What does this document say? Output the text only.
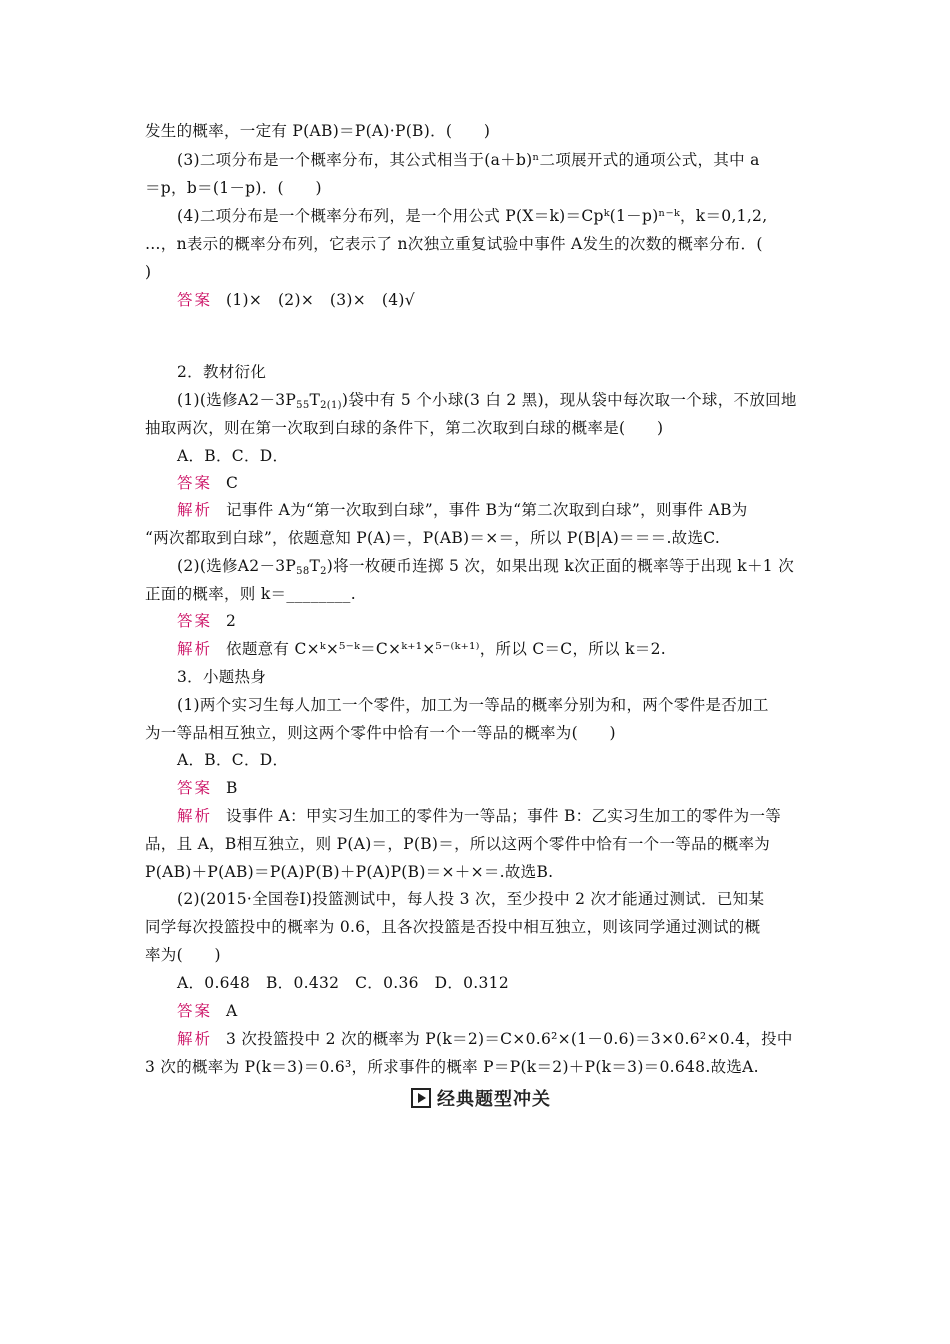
发生的概率，一定有 P(AB)＝P(A)·P(B)．(　　)
(3)二项分布是一个概率分布，其公式相当于(a＋b)ⁿ二项展开式的通项公式，其中 a
＝p，b＝(1－p)．(　　)
(4)二项分布是一个概率分布列，是一个用公式 P(X＝k)＝Cpᵏ(1－p)ⁿ⁻ᵏ，k＝0,1,2,
…，n表示的概率分布列，它表示了 n次独立重复试验中事件 A发生的次数的概率分布．(
)
答案 (1)×　(2)×　(3)×　(4)√
2．教材衍化
(1)(选修$A2-3P_{55}T_{2(1)}$)袋中有 5 个小球(3 白 2 黑)，现从袋中每次取一个球，不放回地
抽取两次，则在第一次取到白球的条件下，第二次取到白球的概率是(　　)
A．B．C．D．
答案 C
解析 记事件 A为“第一次取到白球”，事件 B为“第二次取到白球”，则事件 AB为
“两次都取到白球”，依题意知 P(A)＝，P(AB)＝×＝，所以 P(B|A)＝＝＝.故选C.
(2)(选修$A2-3P_{58}T_2$)将一枚硬币连掷 5 次，如果出现 k次正面的概率等于出现 k＋1 次
正面的概率，则 k＝________.
答案 2
解析 依题意有 C×ᵏ×⁵⁻ᵏ＝C×ᵏ⁺¹×⁵⁻⁽ᵏ⁺¹⁾，所以 C＝C，所以 k＝2.
3．小题热身
(1)两个实习生每人加工一个零件，加工为一等品的概率分别为和，两个零件是否加工
为一等品相互独立，则这两个零件中恰有一个一等品的概率为(　　)
A．B．C．D．
答案 B
解析 设事件 A：甲实习生加工的零件为一等品；事件 B：乙实习生加工的零件为一等
品，且 A，B相互独立，则 P(A)＝，P(B)＝，所以这两个零件中恰有一个一等品的概率为
P(AB)＋P(AB)＝P(A)P(B)＋P(A)P(B)＝×＋×＝.故选B.
(2)(2015·全国卷Ⅰ)投篮测试中，每人投 3 次，至少投中 2 次才能通过测试．已知某
同学每次投篮投中的概率为 0.6，且各次投篮是否投中相互独立，则该同学通过测试的概
率为(　　)
A．0.648　B．0.432　C．0.36　D．0.312
答案 A
解析 3 次投篮投中 2 次的概率为 P(k＝2)＝C×0.6²×(1－0.6)＝3×0.6²×0.4，投中
3 次的概率为 P(k＝3)＝0.6³，所求事件的概率 P＝P(k＝2)＋P(k＝3)＝0.648.故选A.
经典题型冲关
